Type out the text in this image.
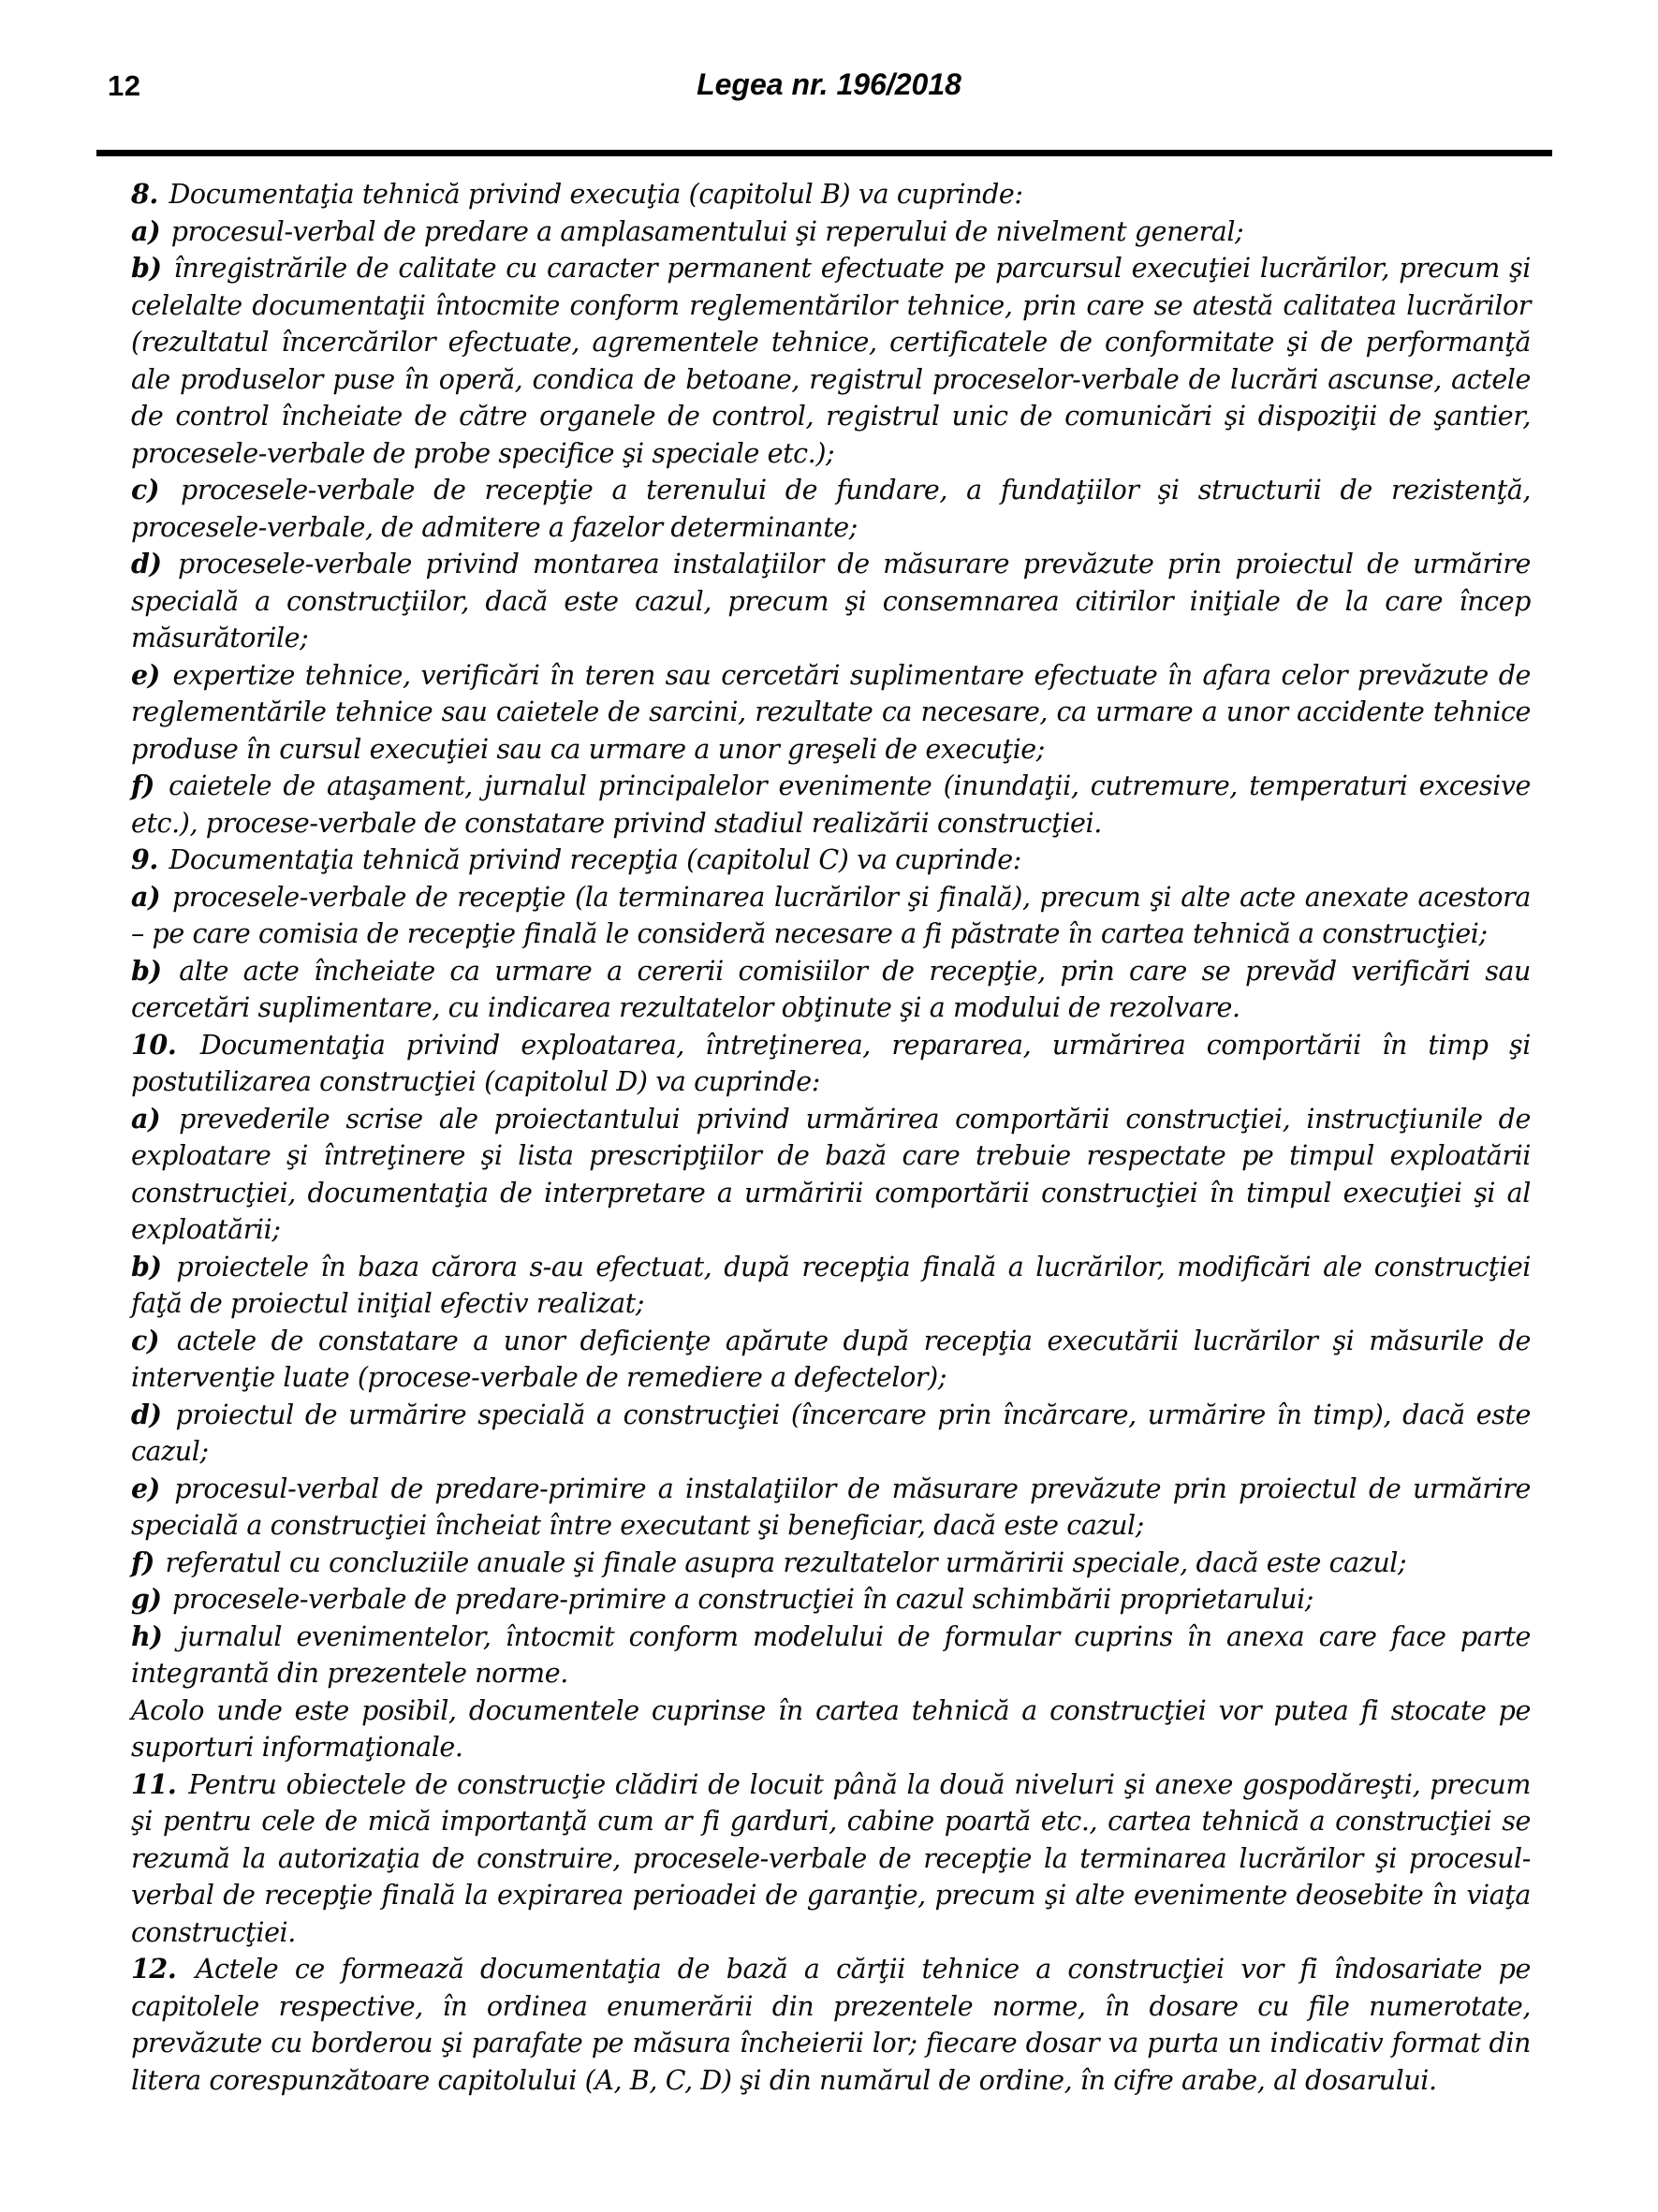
12	Legea nr. 196/2018

8. Documentaţia tehnică privind execuţia (capitolul B) va cuprinde:

a) procesul-verbal de predare a amplasamentului şi reperului de nivelment general;

b) înregistrările de calitate cu caracter permanent efectuate pe parcursul execuţiei lucrărilor, precum şi celelalte documentaţii întocmite conform reglementărilor tehnice, prin care se atestă calitatea lucrărilor (rezultatul încercărilor efectuate, agrementele tehnice, certificatele de conformitate şi de performanţă ale produselor puse în operă, condica de betoane, registrul proceselor-verbale de lucrări ascunse, actele de control încheiate de către organele de control, registrul unic de comunicări şi dispoziţii de şantier, procesele-verbale de probe specifice şi speciale etc.);

c) procesele-verbale de recepţie a terenului de fundare, a fundaţiilor şi structurii de rezistenţă, procesele-verbale, de admitere a fazelor determinante;

d) procesele-verbale privind montarea instalaţiilor de măsurare prevăzute prin proiectul de urmărire specială a construcţiilor, dacă este cazul, precum şi consemnarea citirilor iniţiale de la care încep măsurătorile;

e) expertize tehnice, verificări în teren sau cercetări suplimentare efectuate în afara celor prevăzute de reglementările tehnice sau caietele de sarcini, rezultate ca necesare, ca urmare a unor accidente tehnice produse în cursul execuţiei sau ca urmare a unor greşeli de execuţie;

f) caietele de ataşament, jurnalul principalelor evenimente (inundaţii, cutremure, temperaturi excesive etc.), procese-verbale de constatare privind stadiul realizării construcţiei.

9. Documentaţia tehnică privind recepţia (capitolul C) va cuprinde:

a) procesele-verbale de recepţie (la terminarea lucrărilor şi finală), precum şi alte acte anexate acestora – pe care comisia de recepţie finală le consideră necesare a fi păstrate în cartea tehnică a construcţiei;

b) alte acte încheiate ca urmare a cererii comisiilor de recepţie, prin care se prevăd verificări sau cercetări suplimentare, cu indicarea rezultatelor obţinute şi a modului de rezolvare.

10. Documentaţia privind exploatarea, întreţinerea, repararea, urmărirea comportării în timp şi postutilizarea construcţiei (capitolul D) va cuprinde:

a) prevederile scrise ale proiectantului privind urmărirea comportării construcţiei, instrucţiunile de exploatare şi întreţinere şi lista prescripţiilor de bază care trebuie respectate pe timpul exploatării construcţiei, documentaţia de interpretare a urmăririi comportării construcţiei în timpul execuţiei şi al exploatării;

b) proiectele în baza cărora s-au efectuat, după recepţia finală a lucrărilor, modificări ale construcţiei faţă de proiectul iniţial efectiv realizat;

c) actele de constatare a unor deficienţe apărute după recepţia executării lucrărilor şi măsurile de intervenţie luate (procese-verbale de remediere a defectelor);

d) proiectul de urmărire specială a construcţiei (încercare prin încărcare, urmărire în timp), dacă este cazul;

e) procesul-verbal de predare-primire a instalaţiilor de măsurare prevăzute prin proiectul de urmărire specială a construcţiei încheiat între executant şi beneficiar, dacă este cazul;

f) referatul cu concluziile anuale şi finale asupra rezultatelor urmăririi speciale, dacă este cazul;

g) procesele-verbale de predare-primire a construcţiei în cazul schimbării proprietarului;

h) jurnalul evenimentelor, întocmit conform modelului de formular cuprins în anexa care face parte integrantă din prezentele norme.

Acolo unde este posibil, documentele cuprinse în cartea tehnică a construcţiei vor putea fi stocate pe suporturi informaţionale.

11. Pentru obiectele de construcţie clădiri de locuit până la două niveluri şi anexe gospodăreşti, precum şi pentru cele de mică importanţă cum ar fi garduri, cabine poartă etc., cartea tehnică a construcţiei se rezumă la autorizaţia de construire, procesele-verbale de recepţie la terminarea lucrărilor şi procesul-verbal de recepţie finală la expirarea perioadei de garanţie, precum şi alte evenimente deosebite în viaţa construcţiei.

12. Actele ce formează documentaţia de bază a cărţii tehnice a construcţiei vor fi îndosariate pe capitolele respective, în ordinea enumerării din prezentele norme, în dosare cu file numerotate, prevăzute cu borderou şi parafate pe măsura încheierii lor; fiecare dosar va purta un indicativ format din litera corespunzătoare capitolului (A, B, C, D) şi din numărul de ordine, în cifre arabe, al dosarului.
